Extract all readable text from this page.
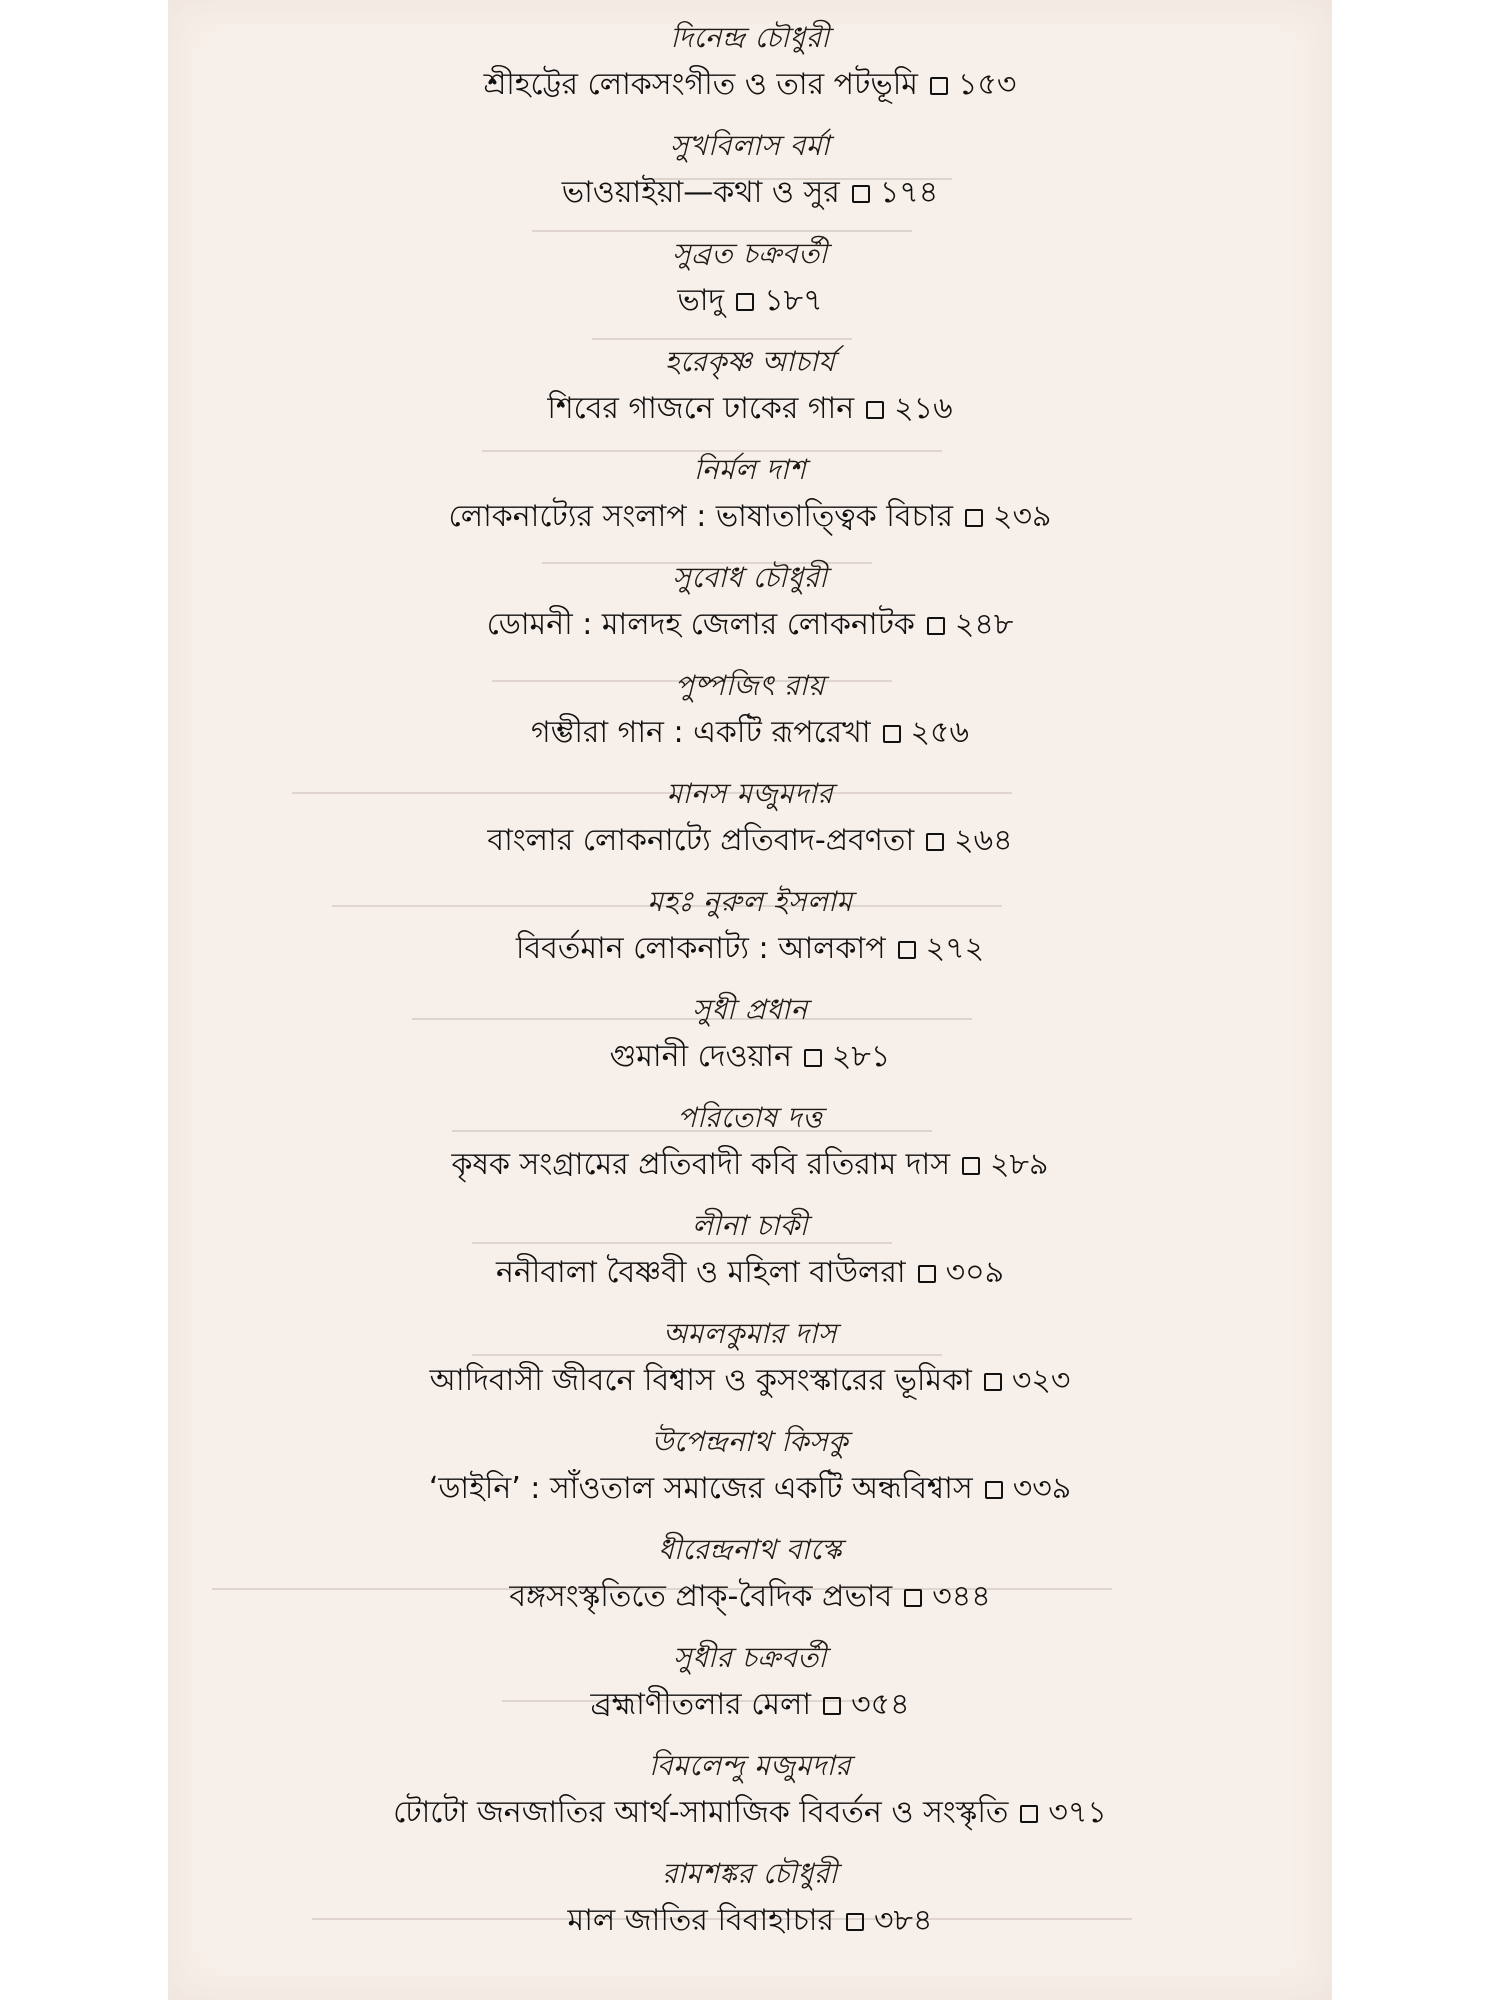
দিনেন্দ্র চৌধুরী
শ্রীহট্টের লোকসংগীত ও তার পটভূমি ১৫৩
সুখবিলাস বর্মা
ভাওয়াইয়া—কথা ও সুর ১৭৪
সুব্রত চক্রবর্তী
ভাদু ১৮৭
হরেকৃষ্ণ আচার্য
শিবের গাজনে ঢাকের গান ২১৬
নির্মল দাশ
লোকনাট্যের সংলাপ : ভাষাতাত্ত্বিক বিচার ২৩৯
সুবোধ চৌধুরী
ডোমনী : মালদহ জেলার লোকনাটক ২৪৮
পুষ্পজিৎ রায়
গম্ভীরা গান : একটি রূপরেখা ২৫৬
মানস মজুমদার
বাংলার লোকনাট্যে প্রতিবাদ-প্রবণতা ২৬৪
মহঃ নুরুল ইসলাম
বিবর্তমান লোকনাট্য : আলকাপ ২৭২
সুধী প্রধান
গুমানী দেওয়ান ২৮১
পরিতোষ দত্ত
কৃষক সংগ্রামের প্রতিবাদী কবি রতিরাম দাস ২৮৯
লীনা চাকী
ননীবালা বৈষ্ণবী ও মহিলা বাউলরা ৩০৯
অমলকুমার দাস
আদিবাসী জীবনে বিশ্বাস ও কুসংস্কারের ভূমিকা ৩২৩
উপেন্দ্রনাথ কিসকু
‘ডাইনি’ : সাঁওতাল সমাজের একটি অন্ধবিশ্বাস ৩৩৯
ধীরেন্দ্রনাথ বাস্কে
বঙ্গসংস্কৃতিতে প্রাক্-বৈদিক প্রভাব ৩৪৪
সুধীর চক্রবর্তী
ব্রহ্মাণীতলার মেলা ৩৫৪
বিমলেন্দু মজুমদার
টোটো জনজাতির আর্থ-সামাজিক বিবর্তন ও সংস্কৃতি ৩৭১
রামশঙ্কর চৌধুরী
মাল জাতির বিবাহাচার ৩৮৪
